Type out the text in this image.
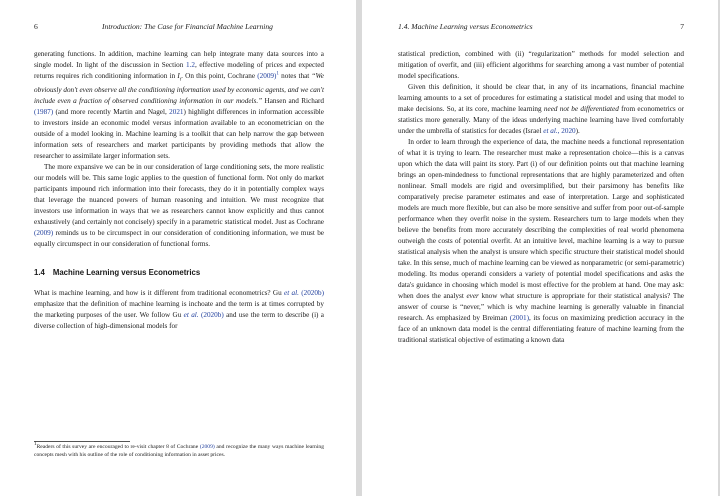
6	Introduction: The Case for Financial Machine Learning

generating functions. In addition, machine learning can help integrate many data sources into a single model. In light of the discussion in Section 1.2, effective modeling of prices and expected returns requires rich conditioning information in $I_t$. On this point, Cochrane (2009)$^1$ notes that “We obviously don't even observe all the conditioning information used by economic agents, and we can't include even a fraction of observed conditioning information in our models.” Hansen and Richard (1987) (and more recently Martin and Nagel, 2021) highlight differences in information accessible to investors inside an economic model versus information available to an econometrician on the outside of a model looking in. Machine learning is a toolkit that can help narrow the gap between information sets of researchers and market participants by providing methods that allow the researcher to assimilate larger information sets.

The more expansive we can be in our consideration of large conditioning sets, the more realistic our models will be. This same logic applies to the question of functional form. Not only do market participants impound rich information into their forecasts, they do it in potentially complex ways that leverage the nuanced powers of human reasoning and intuition. We must recognize that investors use information in ways that we as researchers cannot know explicitly and thus cannot exhaustively (and certainly not concisely) specify in a parametric statistical model. Just as Cochrane (2009) reminds us to be circumspect in our consideration of conditioning information, we must be equally circumspect in our consideration of functional forms.

1.4 Machine Learning versus Econometrics

What is machine learning, and how is it different from traditional econometrics? Gu et al. (2020b) emphasize that the definition of machine learning is inchoate and the term is at times corrupted by the marketing purposes of the user. We follow Gu et al. (2020b) and use the term to describe (i) a diverse collection of high-dimensional models for

$^1$Readers of this survey are encouraged to re-visit chapter 8 of Cochrane (2009) and recognize the many ways machine learning concepts mesh with his outline of the role of conditioning information in asset prices.
1.4. Machine Learning versus Econometrics	7

statistical prediction, combined with (ii) “regularization” methods for model selection and mitigation of overfit, and (iii) efficient algorithms for searching among a vast number of potential model specifications.

Given this definition, it should be clear that, in any of its incarnations, financial machine learning amounts to a set of procedures for estimating a statistical model and using that model to make decisions. So, at its core, machine learning need not be differentiated from econometrics or statistics more generally. Many of the ideas underlying machine learning have lived comfortably under the umbrella of statistics for decades (Israel et al., 2020).

In order to learn through the experience of data, the machine needs a functional representation of what it is trying to learn. The researcher must make a representation choice—this is a canvas upon which the data will paint its story. Part (i) of our definition points out that machine learning brings an open-mindedness to functional representations that are highly parameterized and often nonlinear. Small models are rigid and oversimplified, but their parsimony has benefits like comparatively precise parameter estimates and ease of interpretation. Large and sophisticated models are much more flexible, but can also be more sensitive and suffer from poor out-of-sample performance when they overfit noise in the system. Researchers turn to large models when they believe the benefits from more accurately describing the complexities of real world phenomena outweigh the costs of potential overfit. At an intuitive level, machine learning is a way to pursue statistical analysis when the analyst is unsure which specific structure their statistical model should take. In this sense, much of machine learning can be viewed as nonparametric (or semi-parametric) modeling. Its modus operandi considers a variety of potential model specifications and asks the data's guidance in choosing which model is most effective for the problem at hand. One may ask: when does the analyst ever know what structure is appropriate for their statistical analysis? The answer of course is “never,” which is why machine learning is generally valuable in financial research. As emphasized by Breiman (2001), its focus on maximizing prediction accuracy in the face of an unknown data model is the central differentiating feature of machine learning from the traditional statistical objective of estimating a known data
